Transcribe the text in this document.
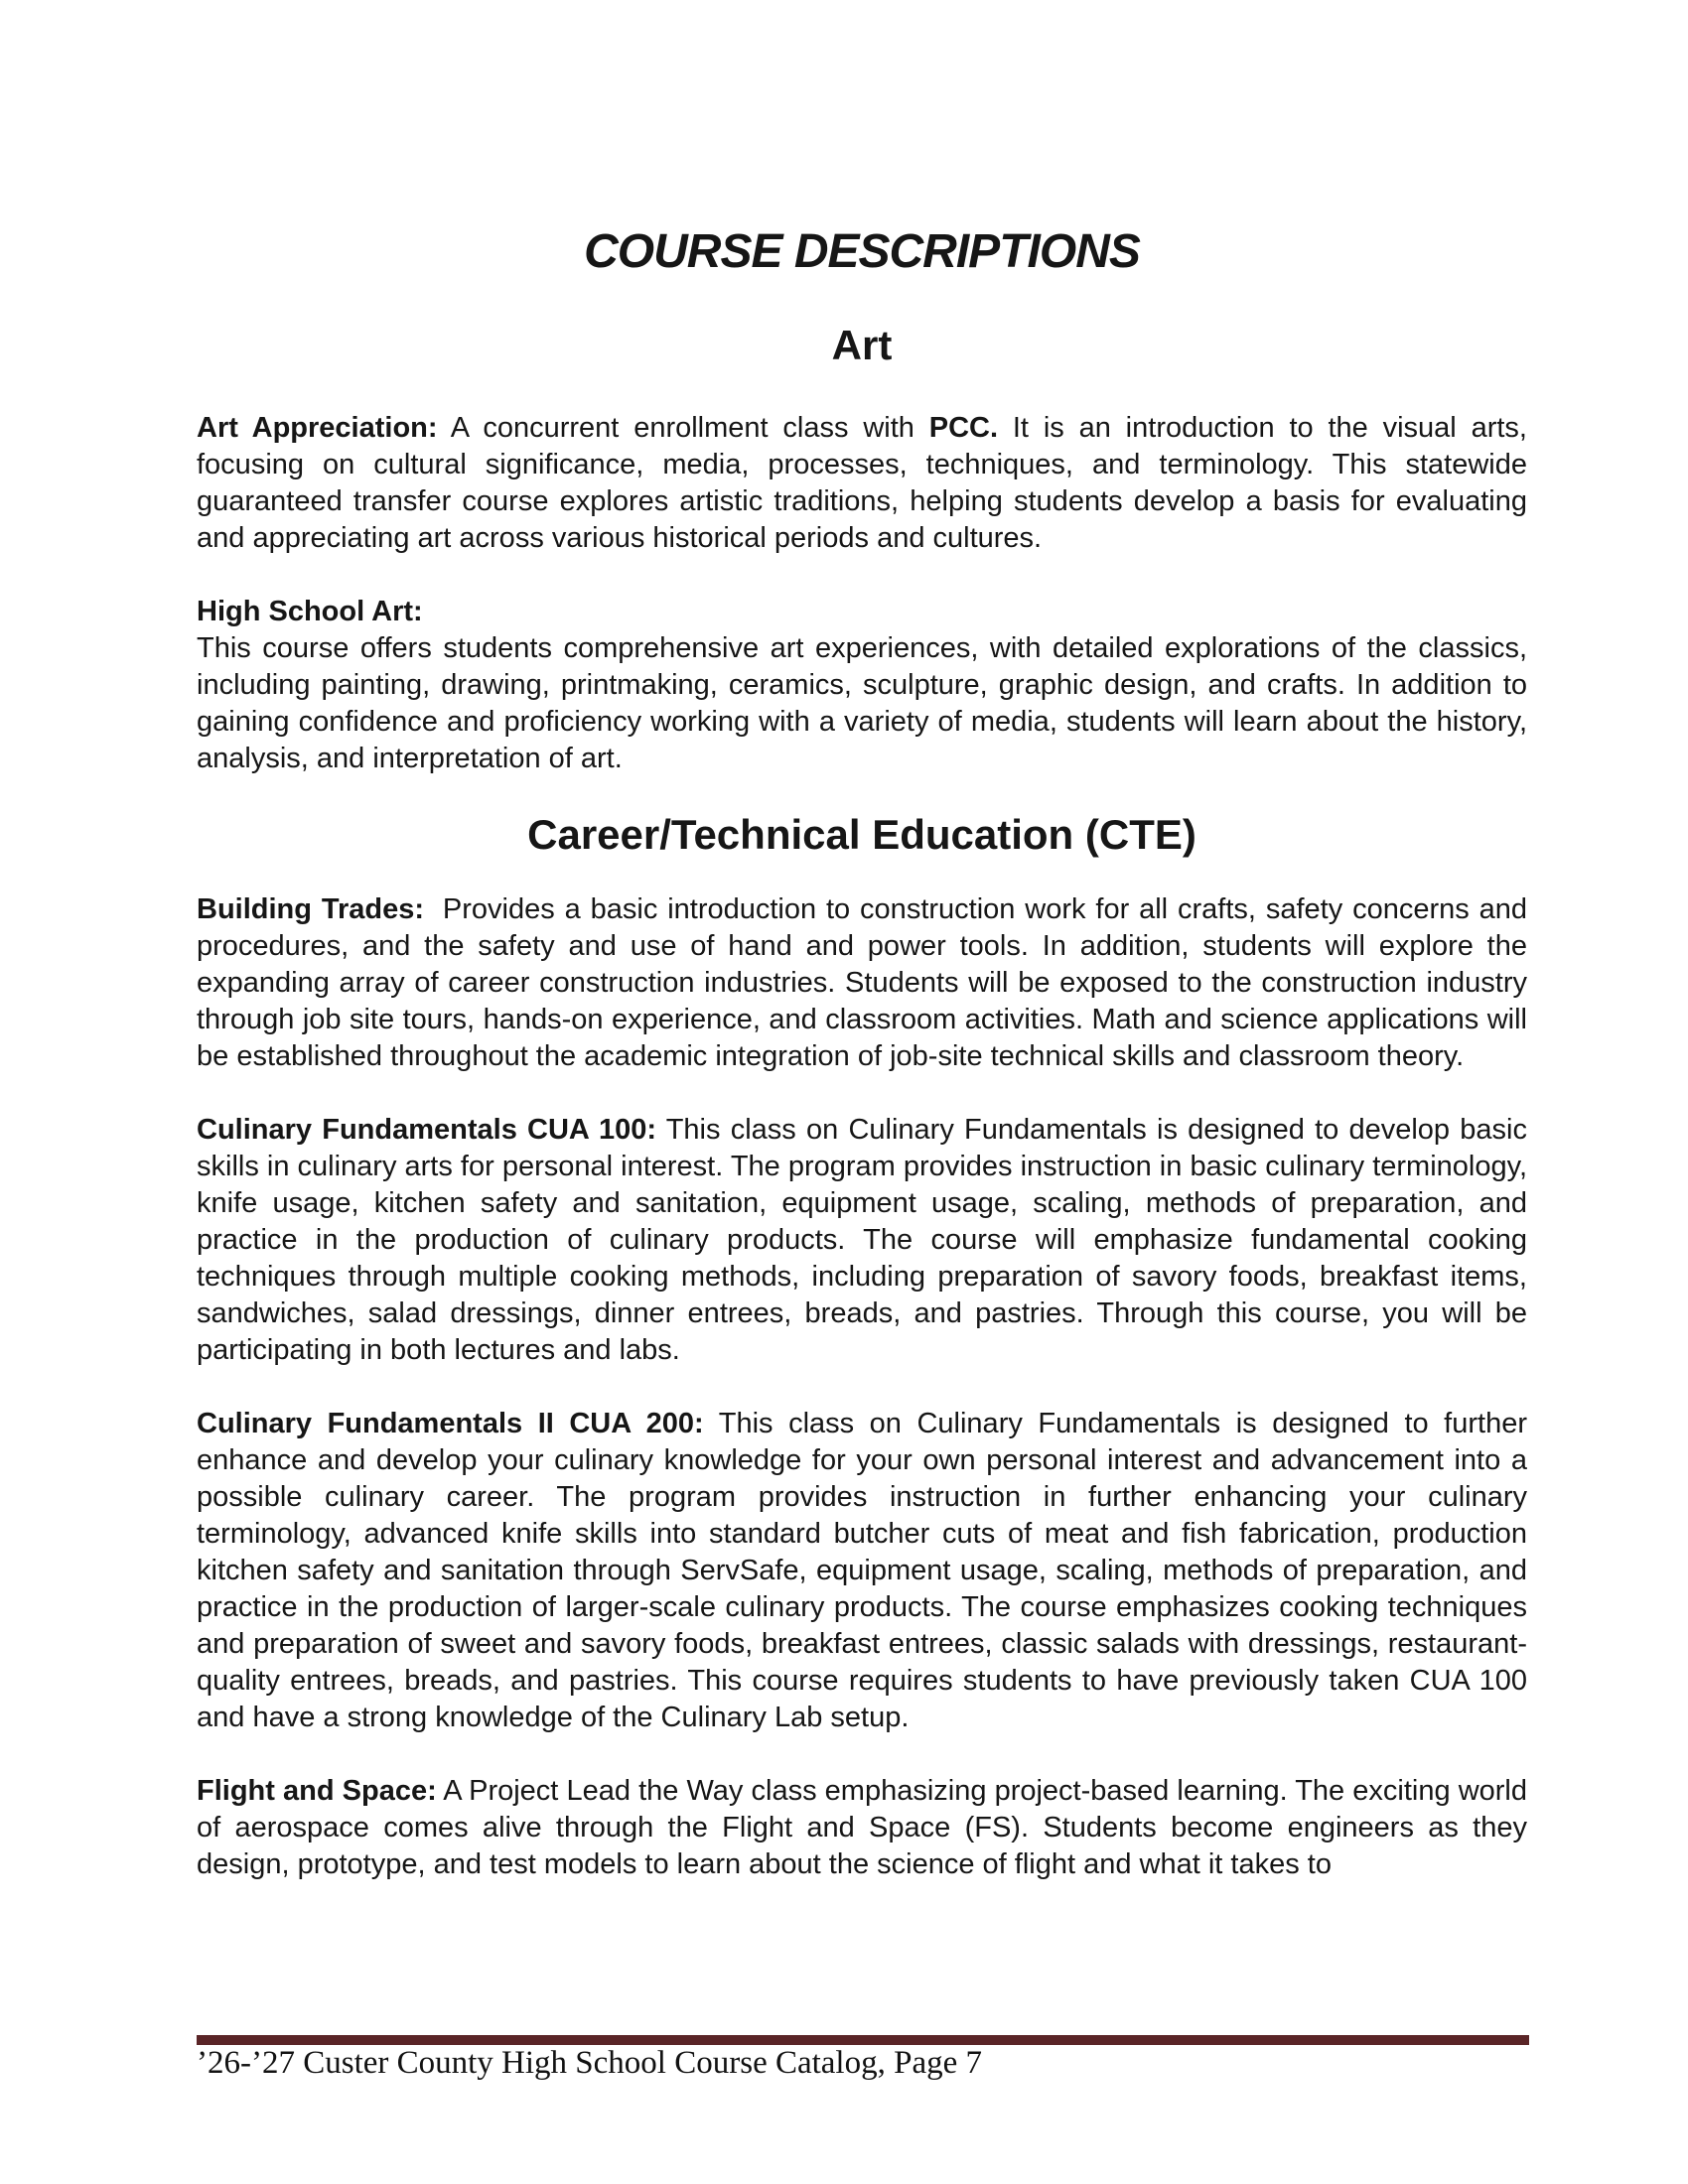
COURSE DESCRIPTIONS
Art

Art Appreciation: A concurrent enrollment class with PCC. It is an introduction to the visual arts, focusing on cultural significance, media, processes, techniques, and terminology. This statewide guaranteed transfer course explores artistic traditions, helping students develop a basis for evaluating and appreciating art across various historical periods and cultures.

High School Art:
This course offers students comprehensive art experiences, with detailed explorations of the classics, including painting, drawing, printmaking, ceramics, sculpture, graphic design, and crafts. In addition to gaining confidence and proficiency working with a variety of media, students will learn about the history, analysis, and interpretation of art.

Career/Technical Education (CTE)

Building Trades: Provides a basic introduction to construction work for all crafts, safety concerns and procedures, and the safety and use of hand and power tools. In addition, students will explore the expanding array of career construction industries. Students will be exposed to the construction industry through job site tours, hands-on experience, and classroom activities. Math and science applications will be established throughout the academic integration of job-site technical skills and classroom theory.

Culinary Fundamentals CUA 100: This class on Culinary Fundamentals is designed to develop basic skills in culinary arts for personal interest. The program provides instruction in basic culinary terminology, knife usage, kitchen safety and sanitation, equipment usage, scaling, methods of preparation, and practice in the production of culinary products. The course will emphasize fundamental cooking techniques through multiple cooking methods, including preparation of savory foods, breakfast items, sandwiches, salad dressings, dinner entrees, breads, and pastries. Through this course, you will be participating in both lectures and labs.

Culinary Fundamentals II CUA 200: This class on Culinary Fundamentals is designed to further enhance and develop your culinary knowledge for your own personal interest and advancement into a possible culinary career. The program provides instruction in further enhancing your culinary terminology, advanced knife skills into standard butcher cuts of meat and fish fabrication, production kitchen safety and sanitation through ServSafe, equipment usage, scaling, methods of preparation, and practice in the production of larger-scale culinary products. The course emphasizes cooking techniques and preparation of sweet and savory foods, breakfast entrees, classic salads with dressings, restaurant-quality entrees, breads, and pastries. This course requires students to have previously taken CUA 100 and have a strong knowledge of the Culinary Lab setup.

Flight and Space: A Project Lead the Way class emphasizing project-based learning. The exciting world of aerospace comes alive through the Flight and Space (FS). Students become engineers as they design, prototype, and test models to learn about the science of flight and what it takes to

’26-’27 Custer County High School Course Catalog, Page 7
